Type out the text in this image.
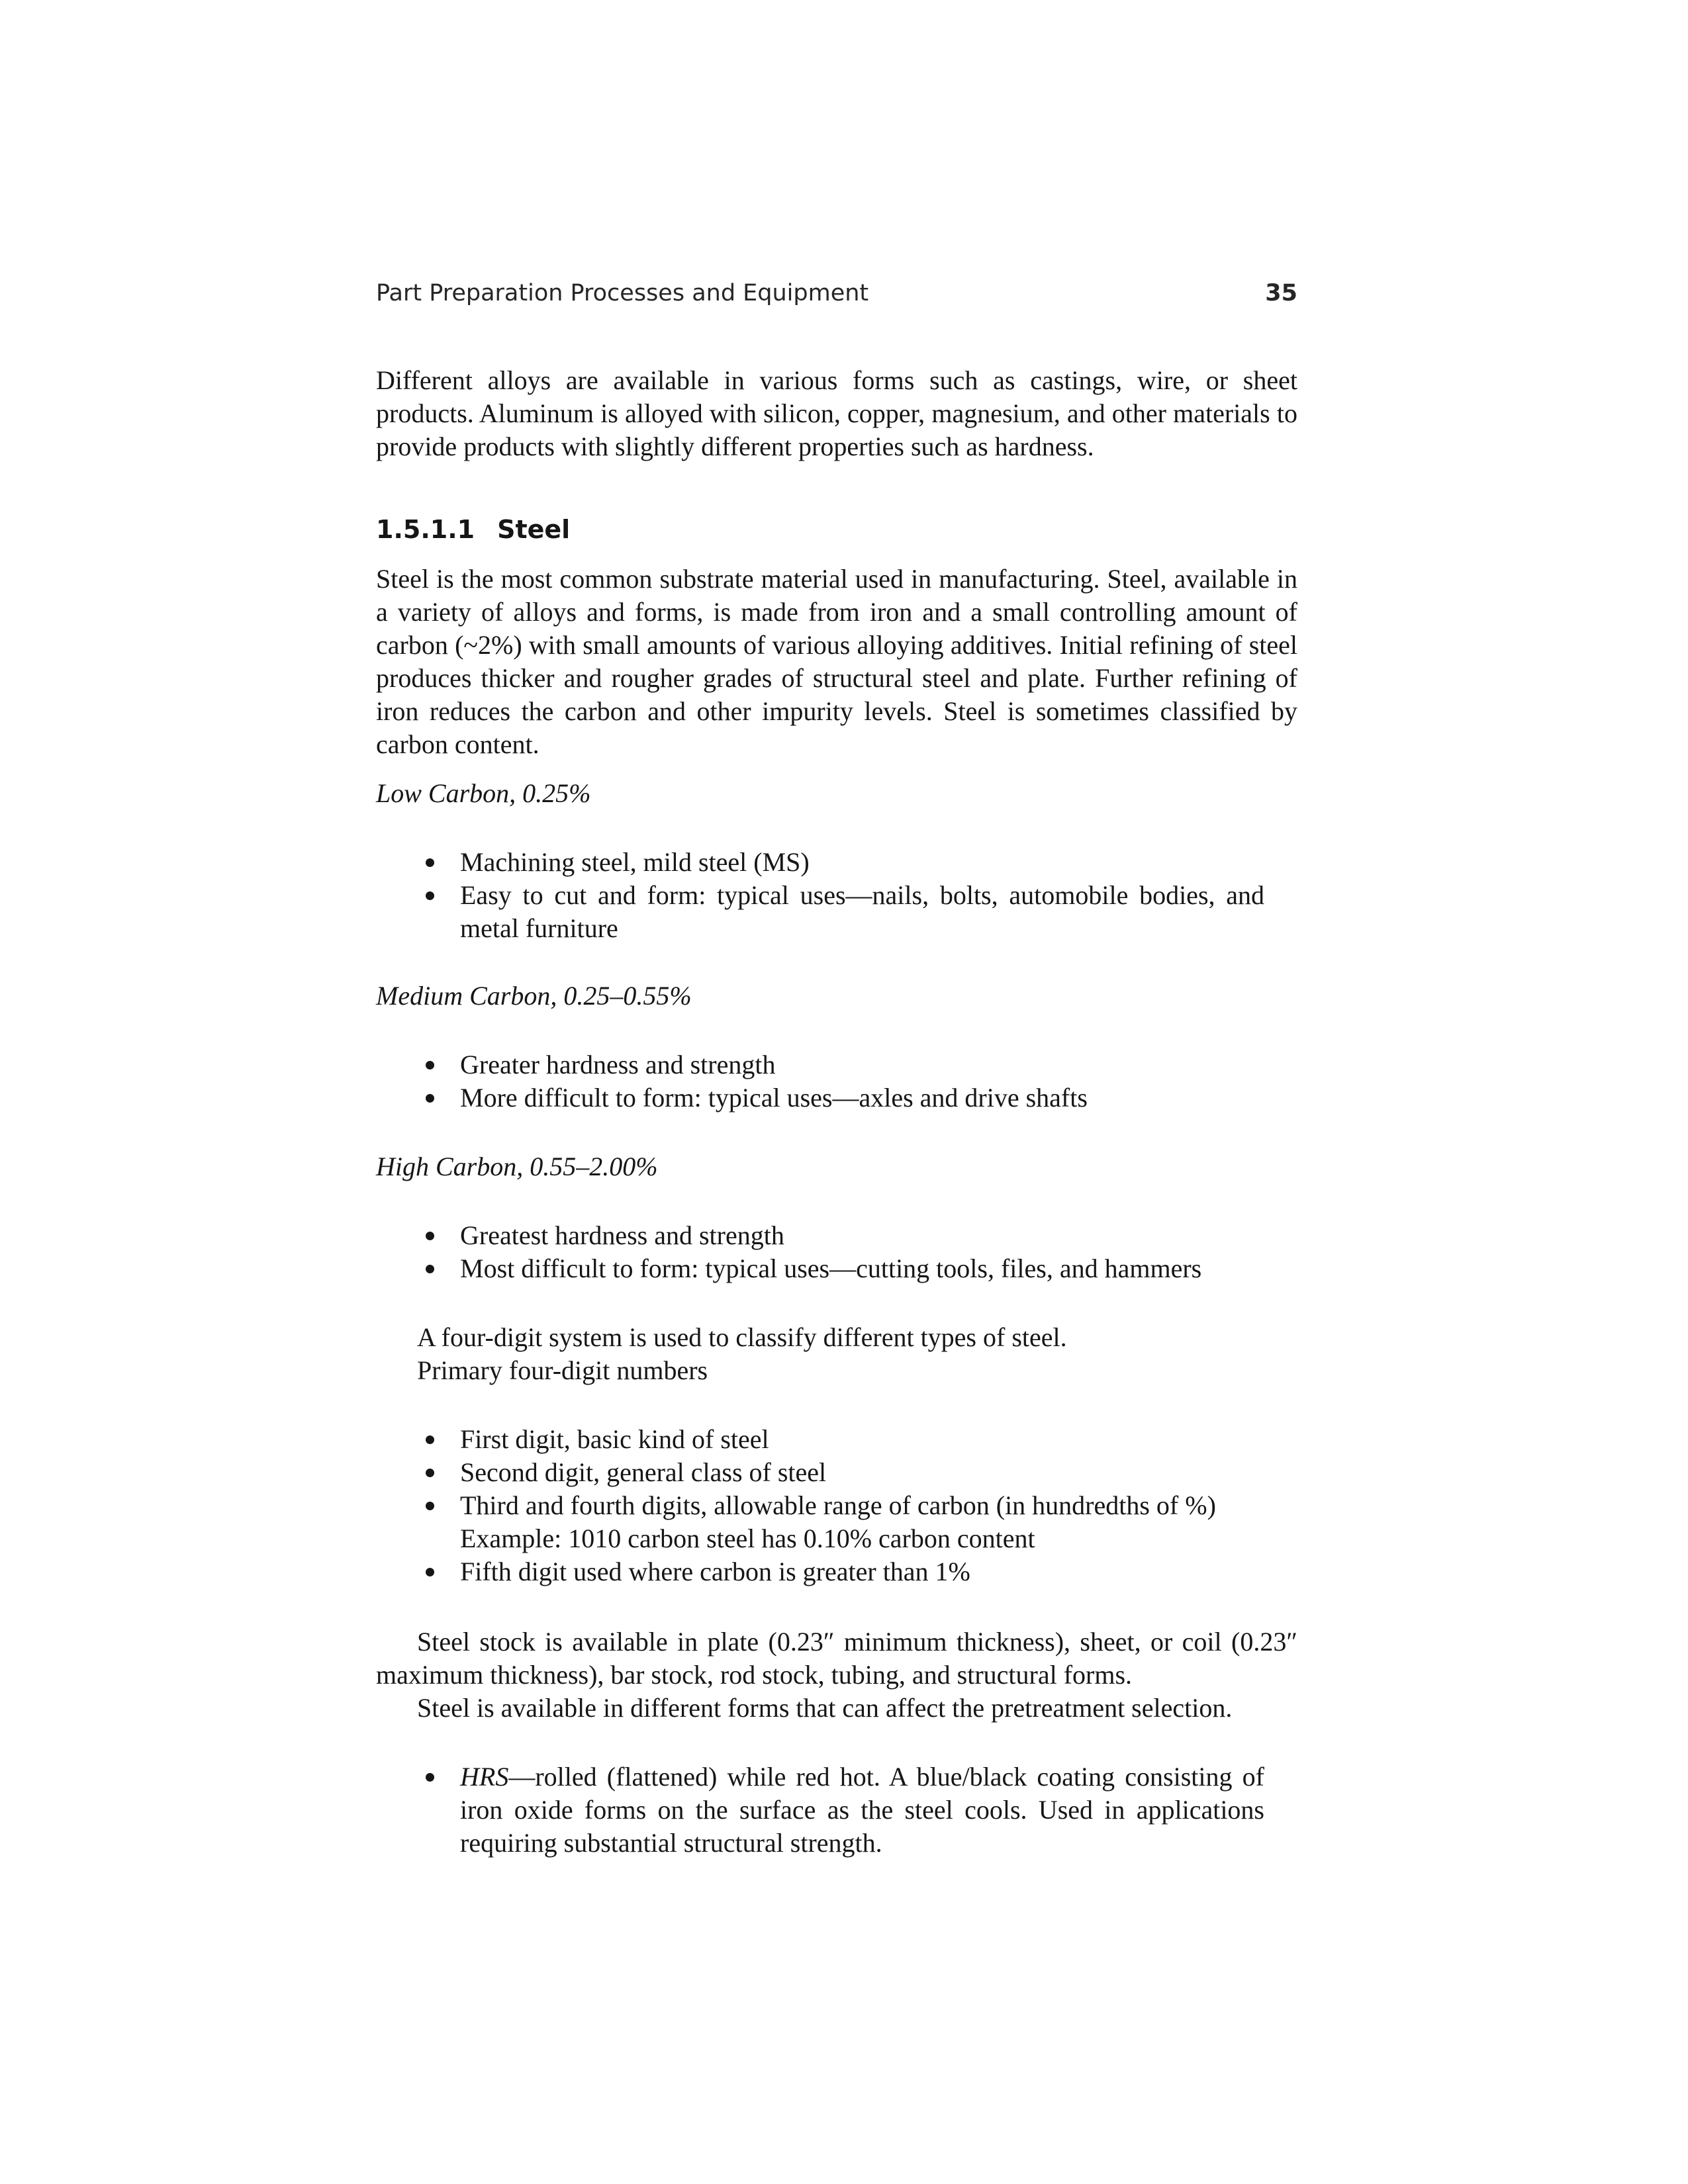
Part Preparation Processes and Equipment	35

Different alloys are available in various forms such as castings, wire, or sheet products. Aluminum is alloyed with silicon, copper, magnesium, and other materials to provide products with slightly different properties such as hardness.

1.5.1.1 Steel

Steel is the most common substrate material used in manufacturing. Steel, available in a variety of alloys and forms, is made from iron and a small controlling amount of carbon (~2%) with small amounts of various alloying additives. Initial refining of steel produces thicker and rougher grades of structural steel and plate. Further refining of iron reduces the carbon and other impurity levels. Steel is sometimes classified by carbon content.

Low Carbon, 0.25%
Machining steel, mild steel (MS)
Easy to cut and form: typical uses—nails, bolts, automobile bodies, and metal furniture
Medium Carbon, 0.25–0.55%
Greater hardness and strength
More difficult to form: typical uses—axles and drive shafts
High Carbon, 0.55–2.00%
Greatest hardness and strength
Most difficult to form: typical uses—cutting tools, files, and hammers
A four-digit system is used to classify different types of steel.
Primary four-digit numbers
First digit, basic kind of steel
Second digit, general class of steel
Third and fourth digits, allowable range of carbon (in hundredths of %)
Example: 1010 carbon steel has 0.10% carbon content
Fifth digit used where carbon is greater than 1%

Steel stock is available in plate (0.23″ minimum thickness), sheet, or coil (0.23″ maximum thickness), bar stock, rod stock, tubing, and structural forms.

Steel is available in different forms that can affect the pretreatment selection.

HRS—rolled (flattened) while red hot. A blue/black coating consisting of iron oxide forms on the surface as the steel cools. Used in applications requiring substantial structural strength.
